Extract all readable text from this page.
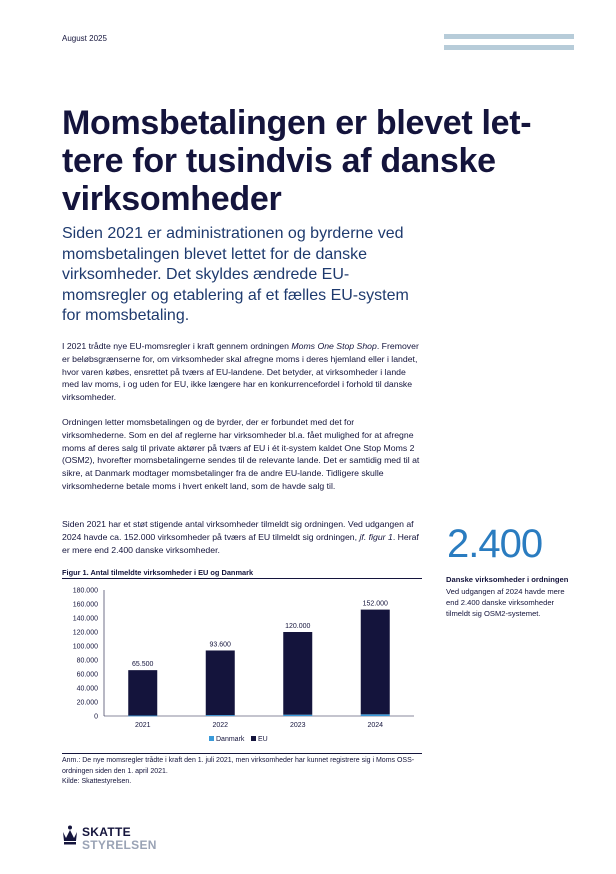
August 2025
Momsbetalingen er blevet lettere for tusindvis af danske virksomheder

Siden 2021 er administrationen og byrderne ved momsbetalingen blevet lettet for de danske virksomheder. Det skyldes ændrede EU-momsregler og etablering af et fælles EU-system for momsbetaling.

I 2021 trådte nye EU-momsregler i kraft gennem ordningen Moms One Stop Shop. Fremover er beløbsgrænserne for, om virksomheder skal afregne moms i deres hjemland eller i landet, hvor varen købes, ensrettet på tværs af EU-landene. Det betyder, at virksomheder i lande med lav moms, i og uden for EU, ikke længere har en konkurrencefordel i forhold til danske virksomheder.

Ordningen letter momsbetalingen og de byrder, der er forbundet med det for virksomhederne. Som en del af reglerne har virksomheder bl.a. fået mulighed for at afregne moms af deres salg til private aktører på tværs af EU i ét it-system kaldet One Stop Moms 2 (OSM2), hvorefter momsbetalingerne sendes til de relevante lande. Det er samtidig med til at sikre, at Danmark modtager momsbetalinger fra de andre EU-lande. Tidligere skulle virksomhederne betale moms i hvert enkelt land, som de havde salg til.

Siden 2021 har et støt stigende antal virksomheder tilmeldt sig ordningen. Ved udgangen af 2024 havde ca. 152.000 virksomheder på tværs af EU tilmeldt sig ordningen, jf. figur 1. Heraf er mere end 2.400 danske virksomheder.	2.400
Danske virksomheder i ordningen

Ved udgangen af 2024 havde mere end 2.400 danske virksomheder tilmeldt sig OSM2-systemet.

Figur 1. Antal tilmeldte virksomheder i EU og Danmark
0
20.000
40.000
60.000
80.000
100.000
120.000
140.000
160.000
180.000
65.500
2021
93.600
2022
120.000
2023
152.000
2024
Danmark EU

Anm.: De nye momsregler trådte i kraft den 1. juli 2021, men virksomheder har kunnet registrere sig i Moms OSS-ordningen siden den 1. april 2021.

Kilde: Skattestyrelsen.

SKATTE
STYRELSEN
